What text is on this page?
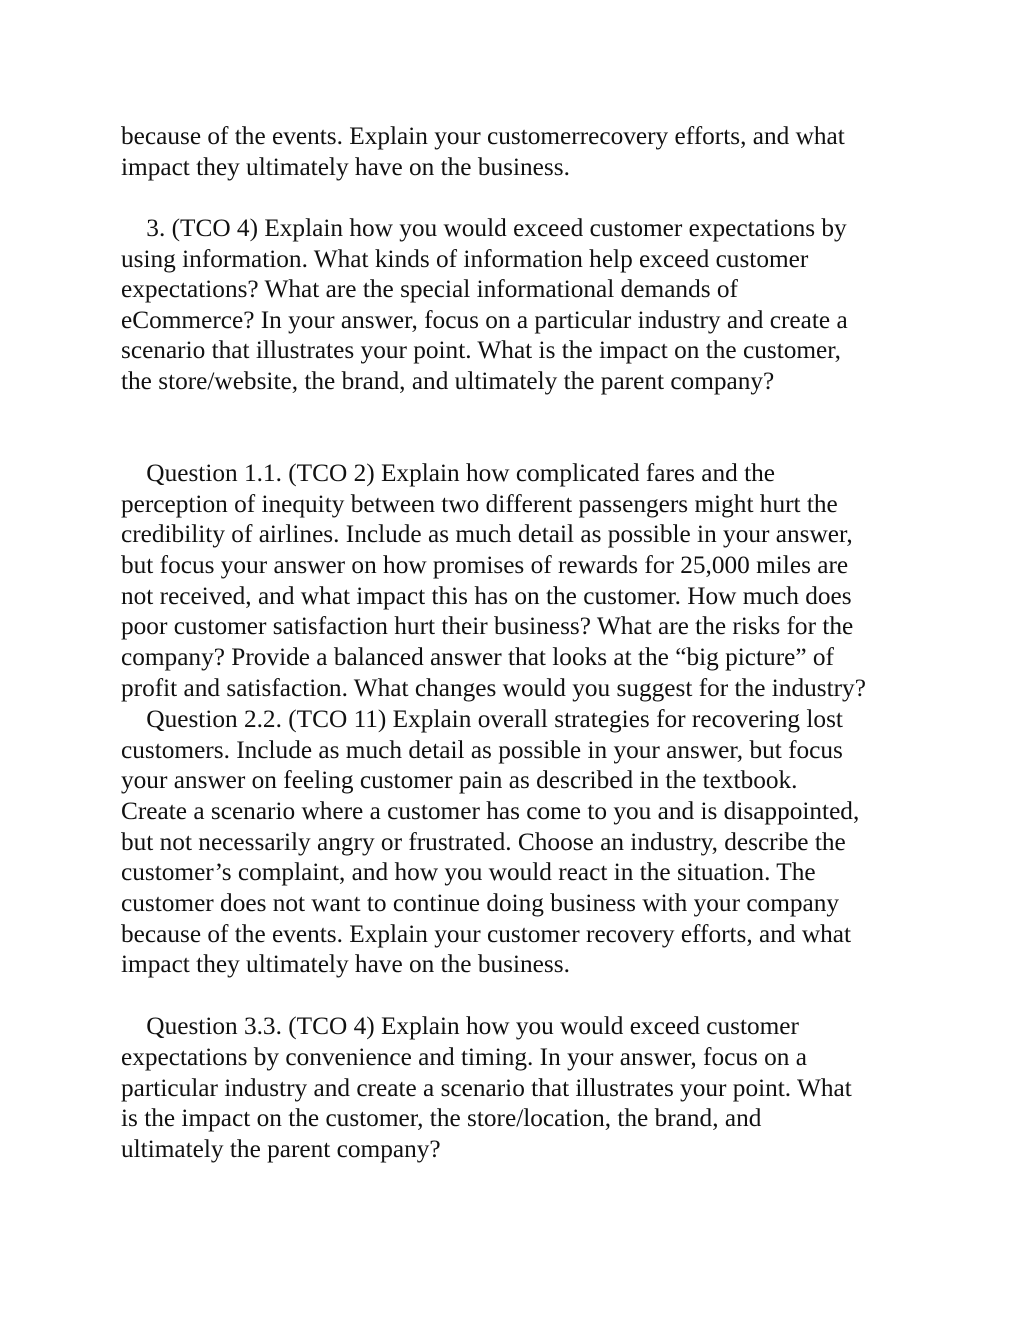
because of the events. Explain your customerrecovery efforts, and what
impact they ultimately have on the business.
3. (TCO 4) Explain how you would exceed customer expectations by
using information. What kinds of information help exceed customer
expectations? What are the special informational demands of
eCommerce? In your answer, focus on a particular industry and create a
scenario that illustrates your point. What is the impact on the customer,
the store/website, the brand, and ultimately the parent company?
Question 1.1. (TCO 2) Explain how complicated fares and the
perception of inequity between two different passengers might hurt the
credibility of airlines. Include as much detail as possible in your answer,
but focus your answer on how promises of rewards for 25,000 miles are
not received, and what impact this has on the customer. How much does
poor customer satisfaction hurt their business? What are the risks for the
company? Provide a balanced answer that looks at the “big picture” of
profit and satisfaction. What changes would you suggest for the industry?
Question 2.2. (TCO 11) Explain overall strategies for recovering lost
customers. Include as much detail as possible in your answer, but focus
your answer on feeling customer pain as described in the textbook.
Create a scenario where a customer has come to you and is disappointed,
but not necessarily angry or frustrated. Choose an industry, describe the
customer’s complaint, and how you would react in the situation. The
customer does not want to continue doing business with your company
because of the events. Explain your customer recovery efforts, and what
impact they ultimately have on the business.
Question 3.3. (TCO 4) Explain how you would exceed customer
expectations by convenience and timing. In your answer, focus on a
particular industry and create a scenario that illustrates your point. What
is the impact on the customer, the store/location, the brand, and
ultimately the parent company?
